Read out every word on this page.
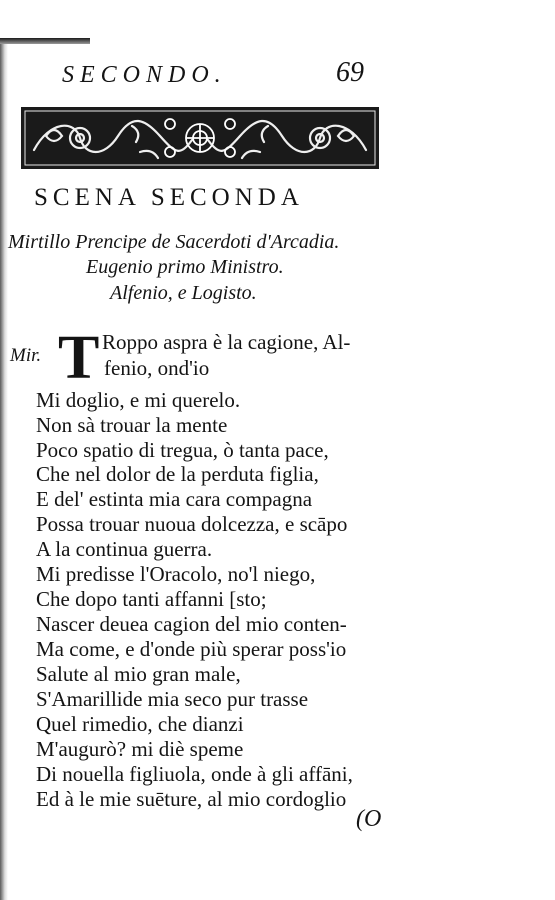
SECONDO.	69
SCENA SECONDA
Mirtillo Prencipe de Sacerdoti d'Arcadia.
Eugenio primo Ministro.
Alfenio, e Logisto.
Mir. T Roppo aspra è la cagione, Al-
fenio, ond'io
Mi doglio, e mi querelo.
Non sà trouar la mente
Poco spatio di tregua, ò tanta pace,
Che nel dolor de la perduta figlia,
E del' estinta mia cara compagna
Possa trouar nuoua dolcezza, e scāpo
A la continua guerra.
Mi predisse l'Oracolo, no'l niego,
Che dopo tanti affanni [sto;
Nascer deuea cagion del mio conten-
Ma come, e d'onde più sperar poss'io
Salute al mio gran male,
S'Amarillide mia seco pur trasse
Quel rimedio, che dianzi
M'augurò? mi diè speme
Di nouella figliuola, onde à gli affāni,
Ed à le mie suēture, al mio cordoglio
(O
